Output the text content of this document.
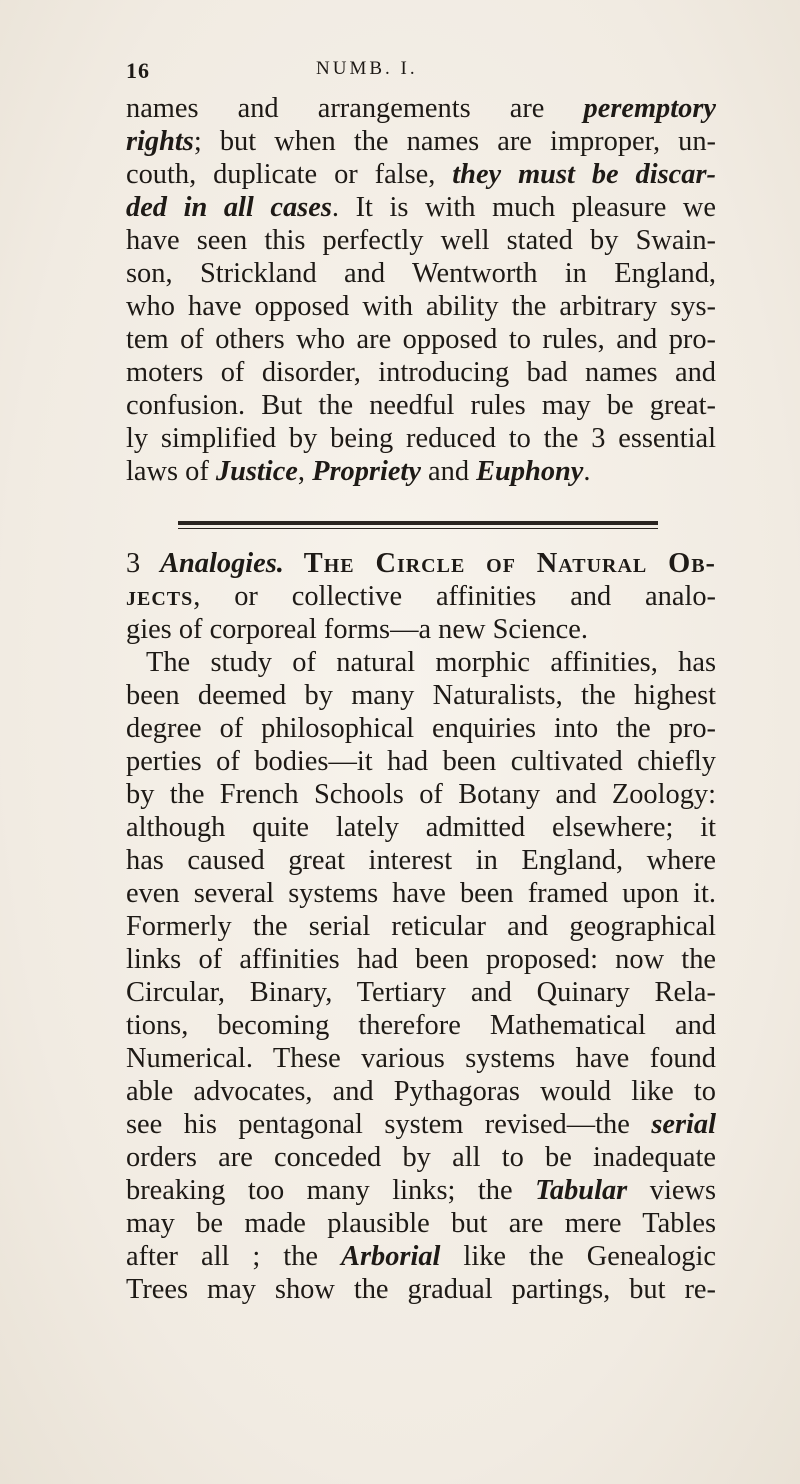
16	NUMB. I.
names and arrangements are peremptory
rights; but when the names are improper, un-
couth, duplicate or false, they must be discar-
ded in all cases. It is with much pleasure we
have seen this perfectly well stated by Swain-
son, Strickland and Wentworth in England,
who have opposed with ability the arbitrary sys-
tem of others who are opposed to rules, and pro-
moters of disorder, introducing bad names and
confusion. But the needful rules may be great-
ly simplified by being reduced to the 3 essential
laws of Justice, Propriety and Euphony.
3 Analogies. The Circle of Natural Ob-
jects, or collective affinities and analo-
gies of corporeal forms—a new Science.
The study of natural morphic affinities, has
been deemed by many Naturalists, the highest
degree of philosophical enquiries into the pro-
perties of bodies—it had been cultivated chiefly
by the French Schools of Botany and Zoology:
although quite lately admitted elsewhere; it
has caused great interest in England, where
even several systems have been framed upon it.
Formerly the serial reticular and geographical
links of affinities had been proposed: now the
Circular, Binary, Tertiary and Quinary Rela-
tions, becoming therefore Mathematical and
Numerical. These various systems have found
able advocates, and Pythagoras would like to
see his pentagonal system revised—the serial
orders are conceded by all to be inadequate
breaking too many links; the Tabular views
may be made plausible but are mere Tables
after all ; the Arborial like the Genealogic
Trees may show the gradual partings, but re-
